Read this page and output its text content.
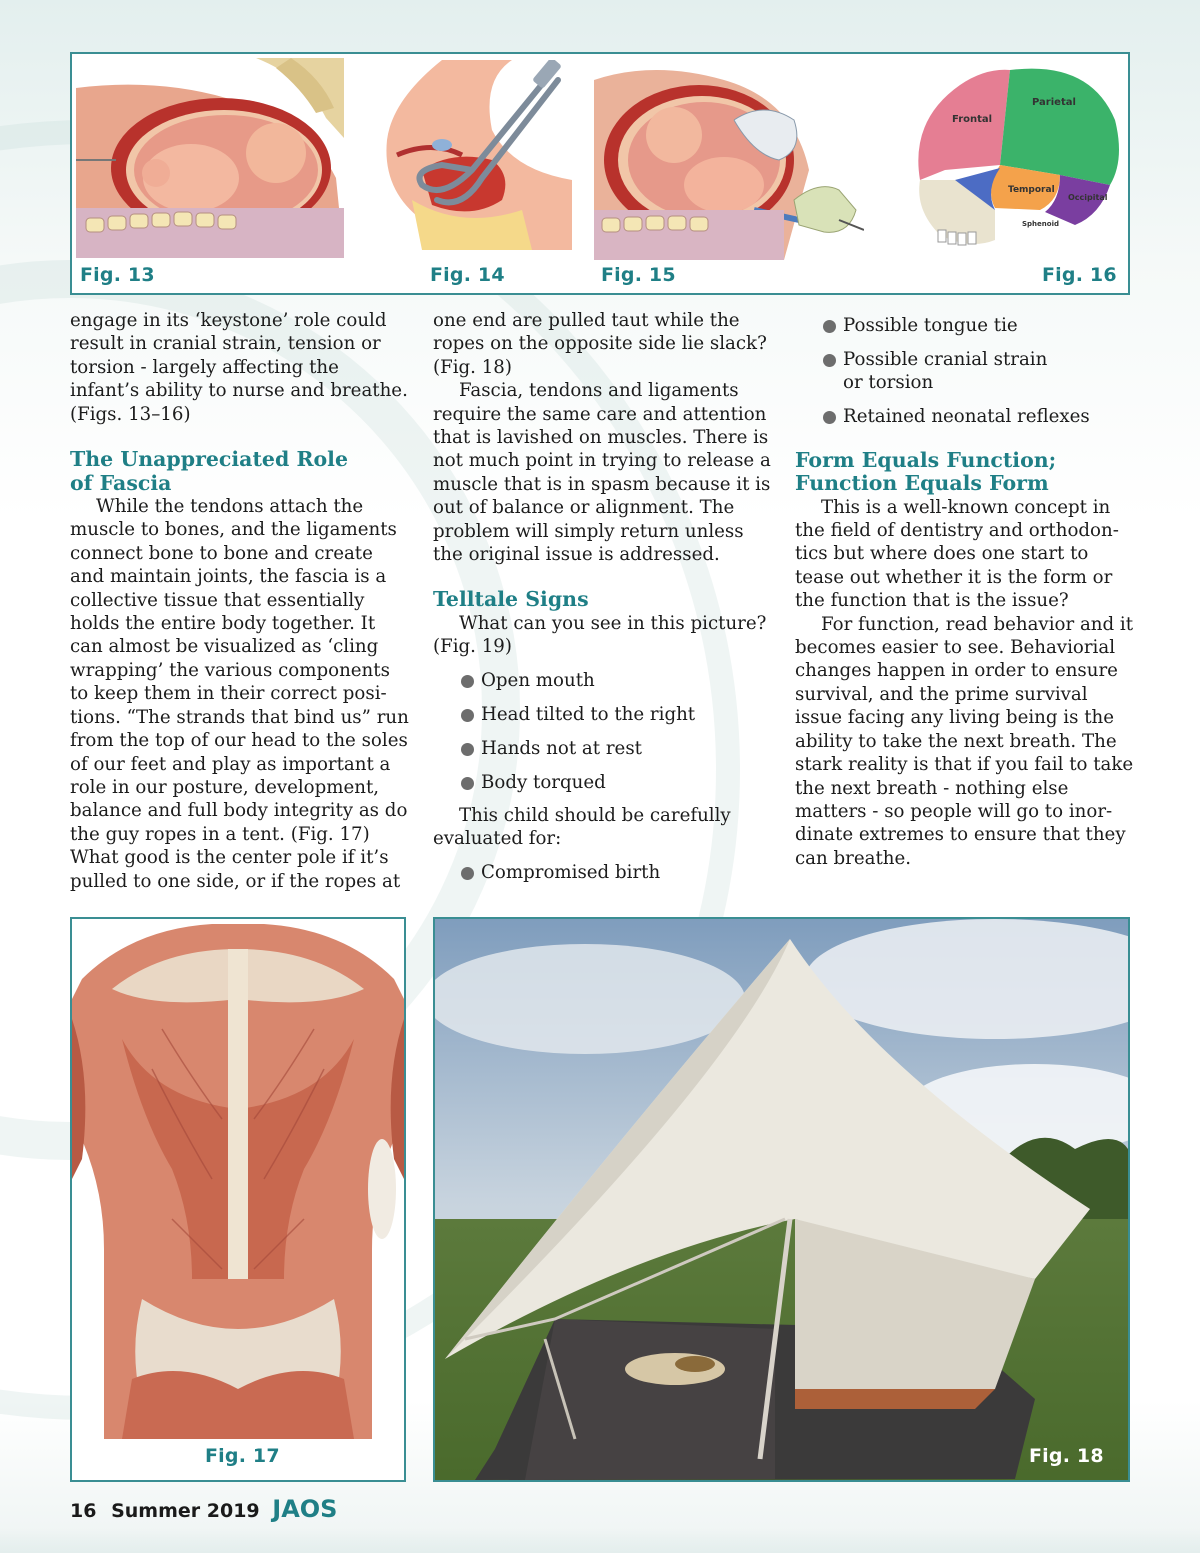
Frontal
Parietal
Temporal
Occipital
Sphenoid
Fig. 13	Fig. 14	Fig. 15	Fig. 16

engage in its ‘keystone’ role could result in cranial strain, tension or torsion - largely affecting the infant’s ability to nurse and breathe. (Figs. 13–16)

The Unappreciated Role
of Fascia

While the tendons attach the muscle to bones, and the ligaments connect bone to bone and create and maintain joints, the fascia is a collective tissue that essentially holds the entire body together. It can almost be visualized as ‘cling wrapping’ the various components to keep them in their correct posi-tions. “The strands that bind us” run from the top of our head to the soles of our feet and play as important a role in our posture, development, balance and full body integrity as do the guy ropes in a tent. (Fig. 17) What good is the center pole if it’s pulled to one side, or if the ropes at

one end are pulled taut while the ropes on the opposite side lie slack? (Fig. 18)

Fascia, tendons and ligaments require the same care and attention that is lavished on muscles. There is not much point in trying to release a muscle that is in spasm because it is out of balance or alignment. The problem will simply return unless the original issue is addressed.

Telltale Signs

What can you see in this picture? (Fig. 19)

Open mouth
Head tilted to the right
Hands not at rest
Body torqued

This child should be carefully evaluated for:

Compromised birth
Possible tongue tie
Possible cranial strain or torsion
Retained neonatal reflexes
Form Equals Function;
Function Equals Form

This is a well-known concept in the field of dentistry and orthodon-tics but where does one start to tease out whether it is the form or the function that is the issue?

For function, read behavior and it becomes easier to see. Behaviorial changes happen in order to ensure survival, and the prime survival issue facing any living being is the ability to take the next breath. The stark reality is that if you fail to take the next breath - nothing else matters - so people will go to inor-dinate extremes to ensure that they can breathe.

Fig. 17	Fig. 18
16 Summer 2019 JAOS
